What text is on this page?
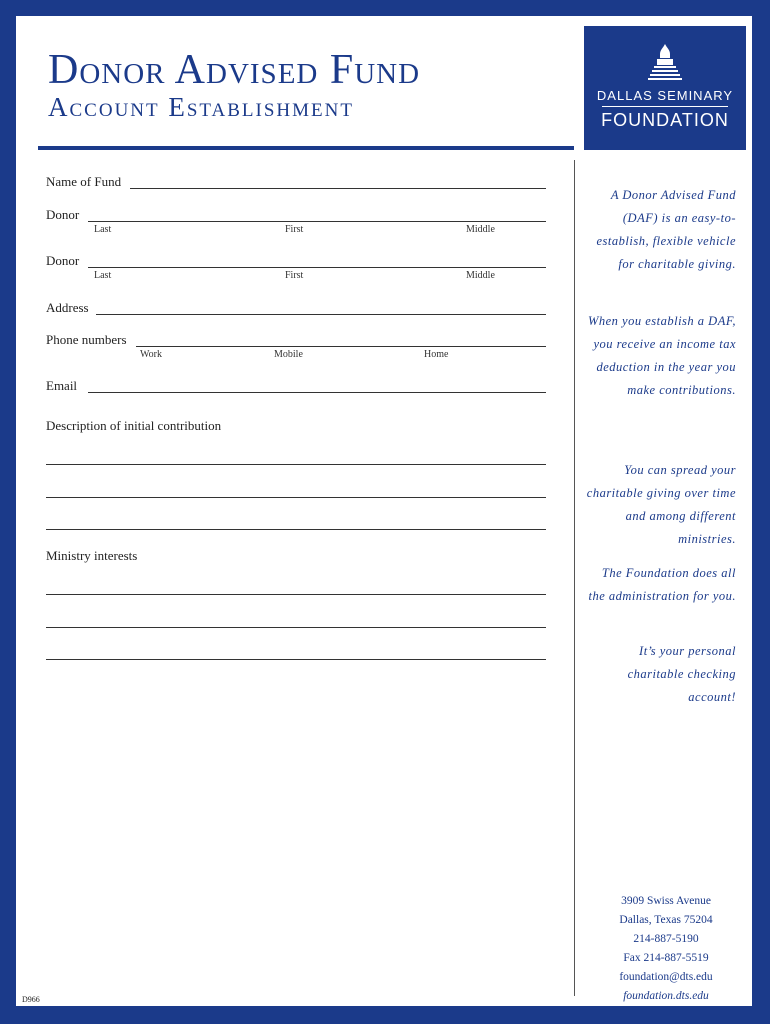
Donor Advised Fund
Account Establishment	DALLAS SEMINARY
FOUNDATION
Name of Fund
Donor
Last	First	Middle
Donor
Last	First	Middle
Address
Phone numbers
Work	Mobile	Home
Email
Description of initial contribution
Ministry interests

A Donor Advised Fund (DAF) is an easy-to-establish, flexible vehicle for charitable giving.

When you establish a DAF, you receive an income tax deduction in the year you make contributions.

You can spread your charitable giving over time and among different ministries.

The Foundation does all the administration for you.

It’s your personal charitable checking account!

3909 Swiss Avenue
Dallas, Texas 75204
214-887-5190
Fax 214-887-5519
foundation@dts.edu
foundation.dts.edu
D966
